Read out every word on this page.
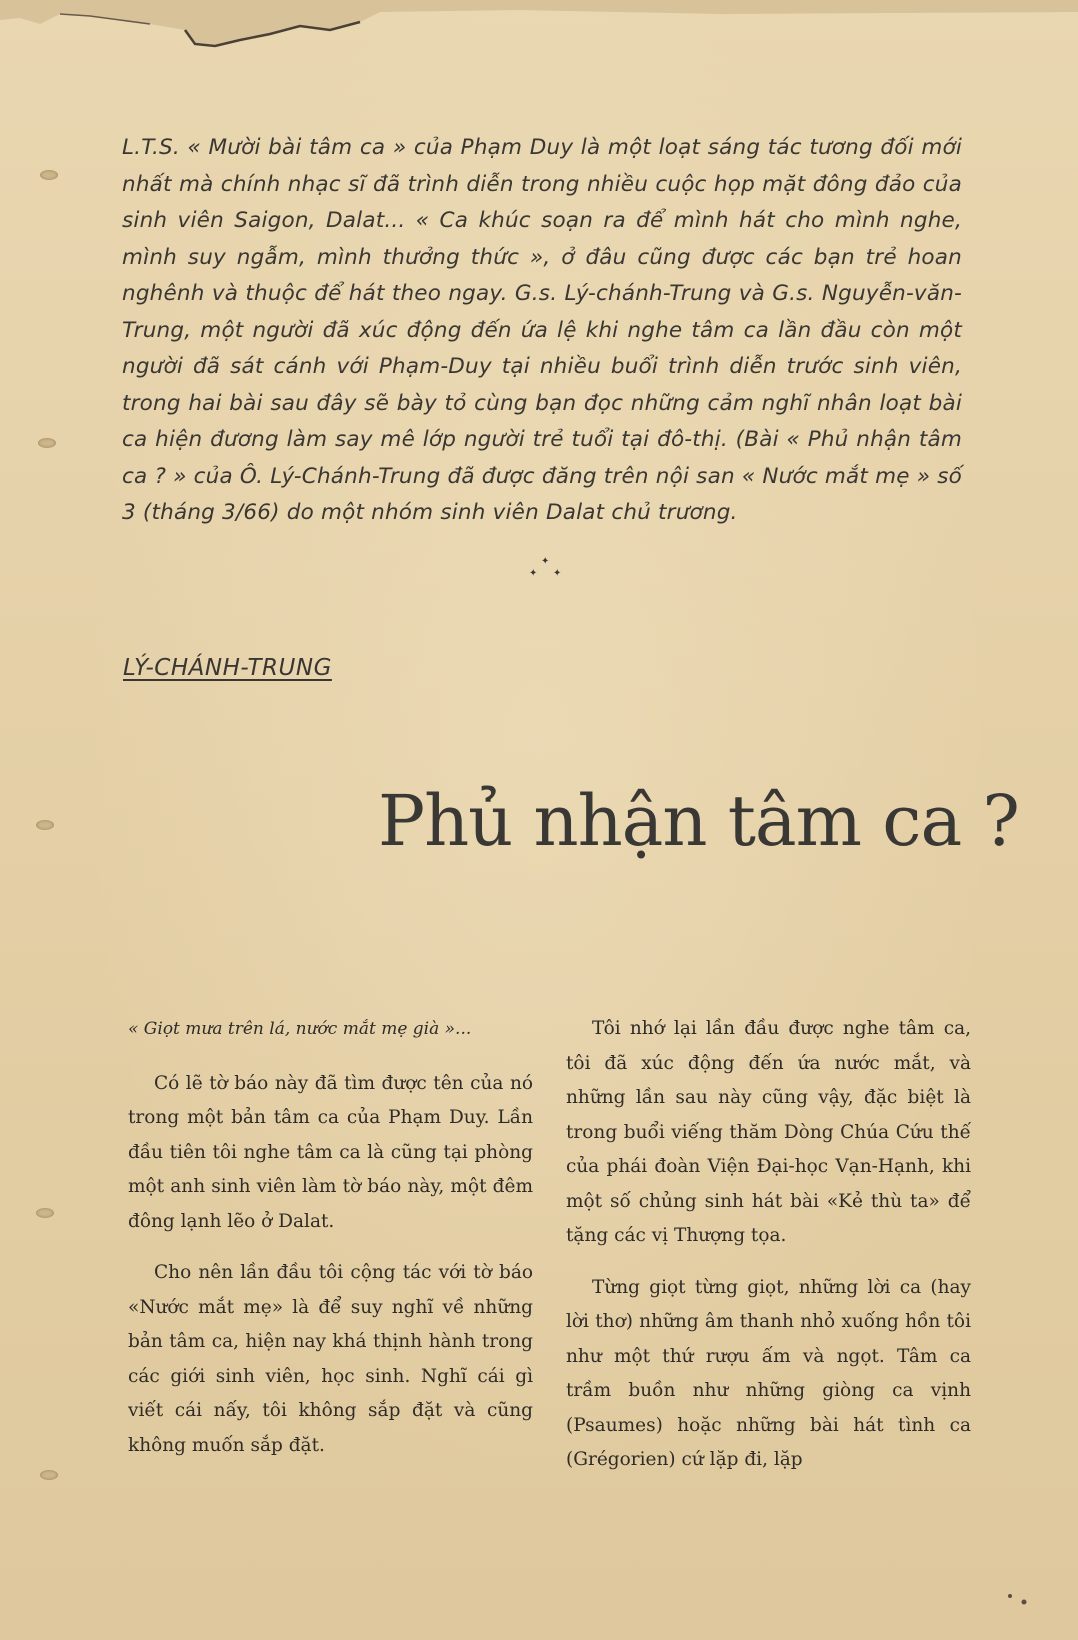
L.T.S. « Mười bài tâm ca » của Phạm Duy là một loạt sáng tác tương đối mới nhất mà chính nhạc sĩ đã trình diễn trong nhiều cuộc họp mặt đông đảo của sinh viên Saigon, Dalat... « Ca khúc soạn ra để mình hát cho mình nghe, mình suy ngẫm, mình thưởng thức », ở đâu cũng được các bạn trẻ hoan nghênh và thuộc để hát theo ngay. G.s. Lý-chánh-Trung và G.s. Nguyễn-văn-Trung, một người đã xúc động đến ứa lệ khi nghe tâm ca lần đầu còn một người đã sát cánh với Phạm-Duy tại nhiều buổi trình diễn trước sinh viên, trong hai bài sau đây sẽ bày tỏ cùng bạn đọc những cảm nghĩ nhân loạt bài ca hiện đương làm say mê lớp người trẻ tuổi tại đô-thị. (Bài « Phủ nhận tâm ca ? » của Ô. Lý-Chánh-Trung đã được đăng trên nội san « Nước mắt mẹ » số 3 (tháng 3/66) do một nhóm sinh viên Dalat chủ trương.
✦
✦ ✦
LÝ-CHÁNH-TRUNG
Phủ nhận tâm ca ?

« Giọt mưa trên lá, nước mắt mẹ già »...

Có lẽ tờ báo này đã tìm được tên của nó trong một bản tâm ca của Phạm Duy. Lần đầu tiên tôi nghe tâm ca là cũng tại phòng một anh sinh viên làm tờ báo này, một đêm đông lạnh lẽo ở Dalat.

Cho nên lần đầu tôi cộng tác với tờ báo «Nước mắt mẹ» là để suy nghĩ về những bản tâm ca, hiện nay khá thịnh hành trong các giới sinh viên, học sinh. Nghĩ cái gì viết cái nấy, tôi không sắp đặt và cũng không muốn sắp đặt.

Tôi nhớ lại lần đầu được nghe tâm ca, tôi đã xúc động đến ứa nước mắt, và những lần sau này cũng vậy, đặc biệt là trong buổi viếng thăm Dòng Chúa Cứu thế của phái đoàn Viện Đại-học Vạn-Hạnh, khi một số chủng sinh hát bài «Kẻ thù ta» để tặng các vị Thượng tọa.

Từng giọt từng giọt, những lời ca (hay lời thơ) những âm thanh nhỏ xuống hồn tôi như một thứ rượu ấm và ngọt. Tâm ca trầm buồn như những giòng ca vịnh (Psaumes) hoặc những bài hát tình ca (Grégorien) cứ lặp đi, lặp
